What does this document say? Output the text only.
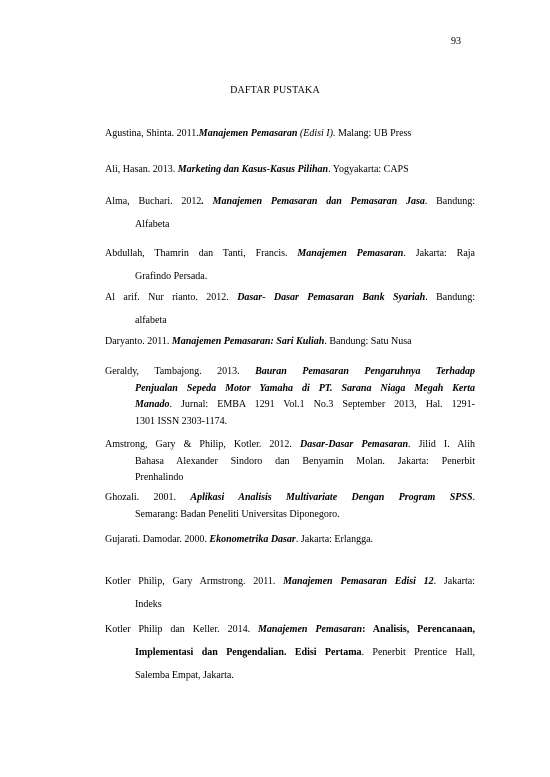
93
DAFTAR PUSTAKA
Agustina, Shinta. 2011.Manajemen Pemasaran (Edisi I). Malang: UB Press
Ali, Hasan. 2013. Marketing dan Kasus-Kasus Pilihan. Yogyakarta: CAPS
Alma, Buchari. 2012. Manajemen Pemasaran dan Pemasaran Jasa. Bandung:
Alfabeta
Abdullah, Thamrin dan Tanti, Francis. Manajemen Pemasaran. Jakarta: Raja
Grafindo Persada.
Al arif. Nur rianto. 2012. Dasar- Dasar Pemasaran Bank Syariah. Bandung:
alfabeta
Daryanto. 2011. Manajemen Pemasaran: Sari Kuliah. Bandung: Satu Nusa
Geraldy, Tambajong. 2013. Bauran Pemasaran Pengaruhnya Terhadap
Penjualan Sepeda Motor Yamaha di PT. Sarana Niaga Megah Kerta
Manado. Jurnal: EMBA 1291 Vol.1 No.3 September 2013, Hal. 1291-
1301 ISSN 2303-1174.
Amstrong, Gary & Philip, Kotler. 2012. Dasar-Dasar Pemasaran. Jilid I. Alih
Bahasa Alexander Sindoro dan Benyamin Molan. Jakarta: Penerbit
Prenhalindo
Ghozali. 2001. Aplikasi Analisis Multivariate Dengan Program SPSS.
Semarang: Badan Peneliti Universitas Diponegoro.
Gujarati. Damodar. 2000. Ekonometrika Dasar. Jakarta: Erlangga.
Kotler Philip, Gary Armstrong. 2011. Manajemen Pemasaran Edisi 12. Jakarta:
Indeks
Kotler Philip dan Keller. 2014. Manajemen Pemasaran: Analisis, Perencanaan,
Implementasi dan Pengendalian. Edisi Pertama. Penerbit Prentice Hall,
Salemba Empat, Jakarta.
